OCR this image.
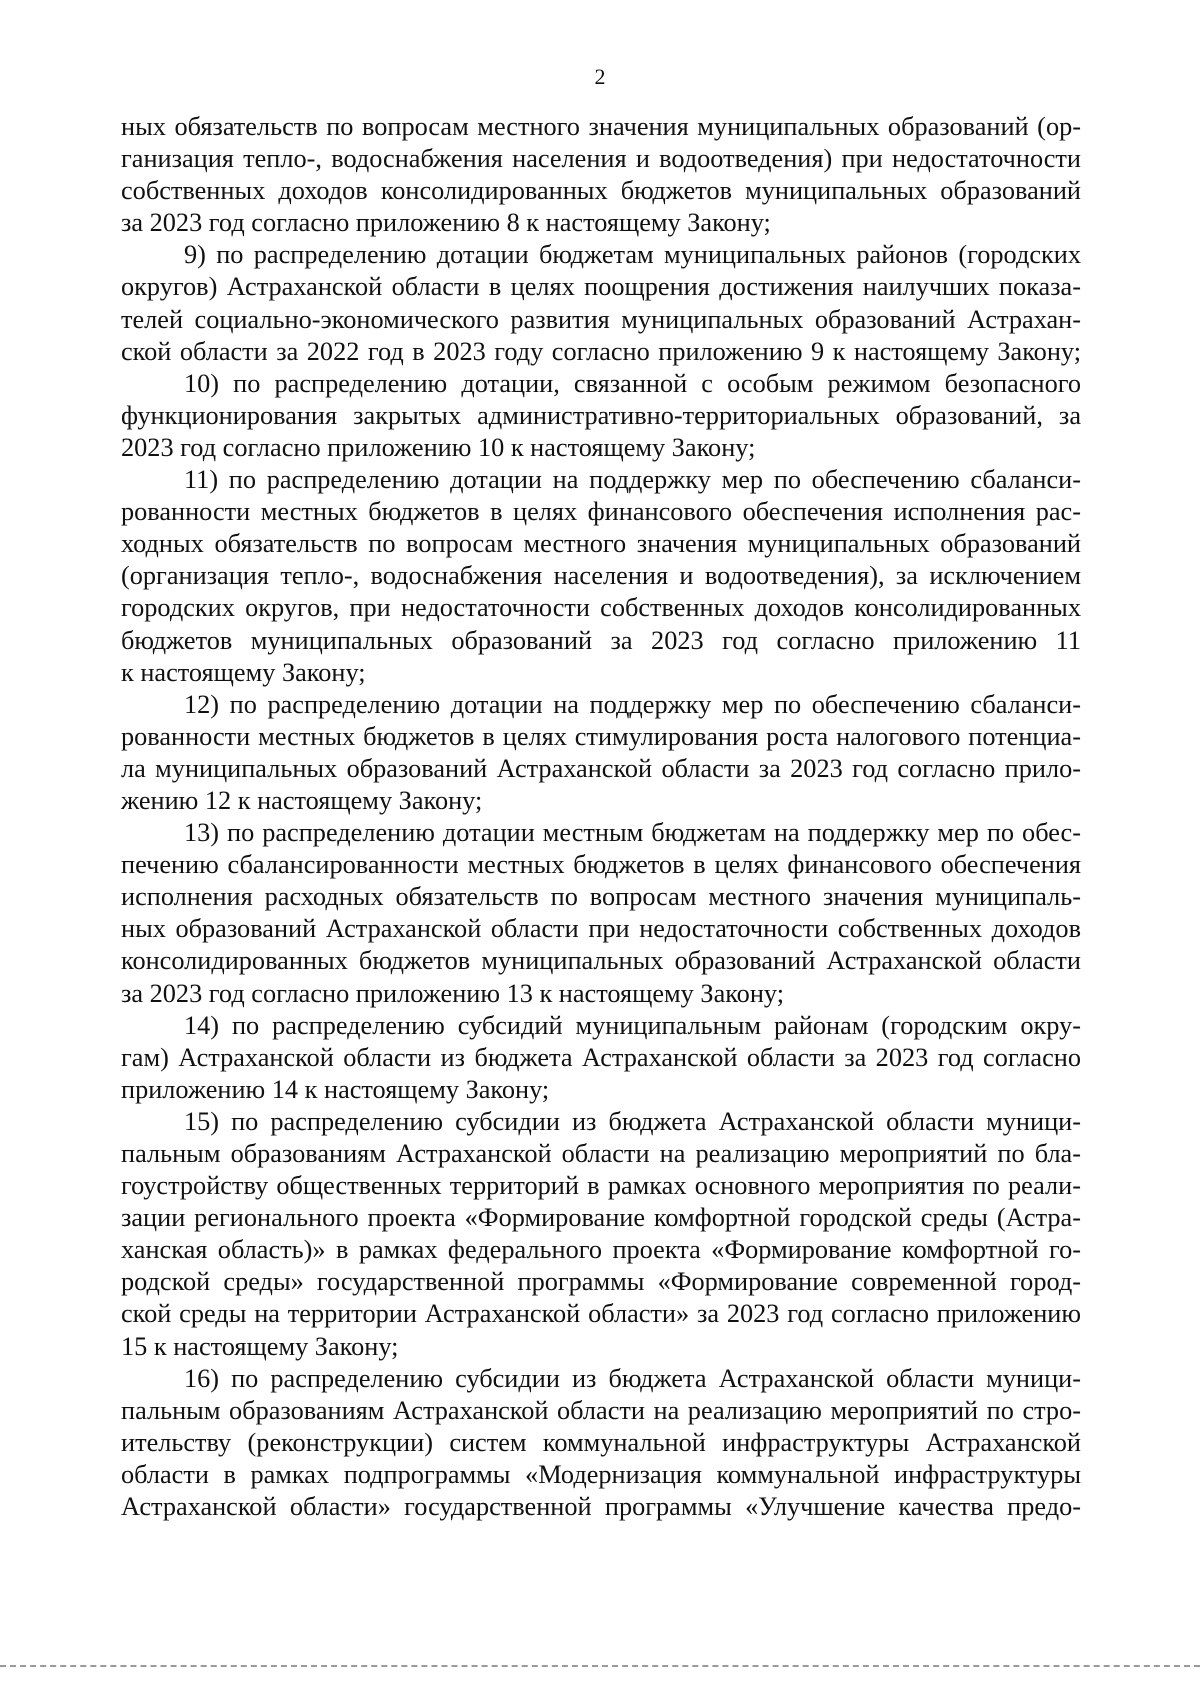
2
ных обязательств по вопросам местного значения муниципальных образований (ор-
ганизация тепло-, водоснабжения населения и водоотведения) при недостаточности
собственных доходов консолидированных бюджетов муниципальных образований
за 2023 год согласно приложению 8 к настоящему Закону;
9) по распределению дотации бюджетам муниципальных районов (городских
округов) Астраханской области в целях поощрения достижения наилучших показа-
телей социально-экономического развития муниципальных образований Астрахан-
ской области за 2022 год в 2023 году согласно приложению 9 к настоящему Закону;
10) по распределению дотации, связанной с особым режимом безопасного
функционирования закрытых административно-территориальных образований, за
2023 год согласно приложению 10 к настоящему Закону;
11) по распределению дотации на поддержку мер по обеспечению сбаланси-
рованности местных бюджетов в целях финансового обеспечения исполнения рас-
ходных обязательств по вопросам местного значения муниципальных образований
(организация тепло-, водоснабжения населения и водоотведения), за исключением
городских округов, при недостаточности собственных доходов консолидированных
бюджетов муниципальных образований за 2023 год согласно приложению 11
к настоящему Закону;
12) по распределению дотации на поддержку мер по обеспечению сбаланси-
рованности местных бюджетов в целях стимулирования роста налогового потенциа-
ла муниципальных образований Астраханской области за 2023 год согласно прило-
жению 12 к настоящему Закону;
13) по распределению дотации местным бюджетам на поддержку мер по обес-
печению сбалансированности местных бюджетов в целях финансового обеспечения
исполнения расходных обязательств по вопросам местного значения муниципаль-
ных образований Астраханской области при недостаточности собственных доходов
консолидированных бюджетов муниципальных образований Астраханской области
за 2023 год согласно приложению 13 к настоящему Закону;
14) по распределению субсидий муниципальным районам (городским окру-
гам) Астраханской области из бюджета Астраханской области за 2023 год согласно
приложению 14 к настоящему Закону;
15) по распределению субсидии из бюджета Астраханской области муници-
пальным образованиям Астраханской области на реализацию мероприятий по бла-
гоустройству общественных территорий в рамках основного мероприятия по реали-
зации регионального проекта «Формирование комфортной городской среды (Астра-
ханская область)» в рамках федерального проекта «Формирование комфортной го-
родской среды» государственной программы «Формирование современной город-
ской среды на территории Астраханской области» за 2023 год согласно приложению
15 к настоящему Закону;
16) по распределению субсидии из бюджета Астраханской области муници-
пальным образованиям Астраханской области на реализацию мероприятий по стро-
ительству (реконструкции) систем коммунальной инфраструктуры Астраханской
области в рамках подпрограммы «Модернизация коммунальной инфраструктуры
Астраханской области» государственной программы «Улучшение качества предо-
